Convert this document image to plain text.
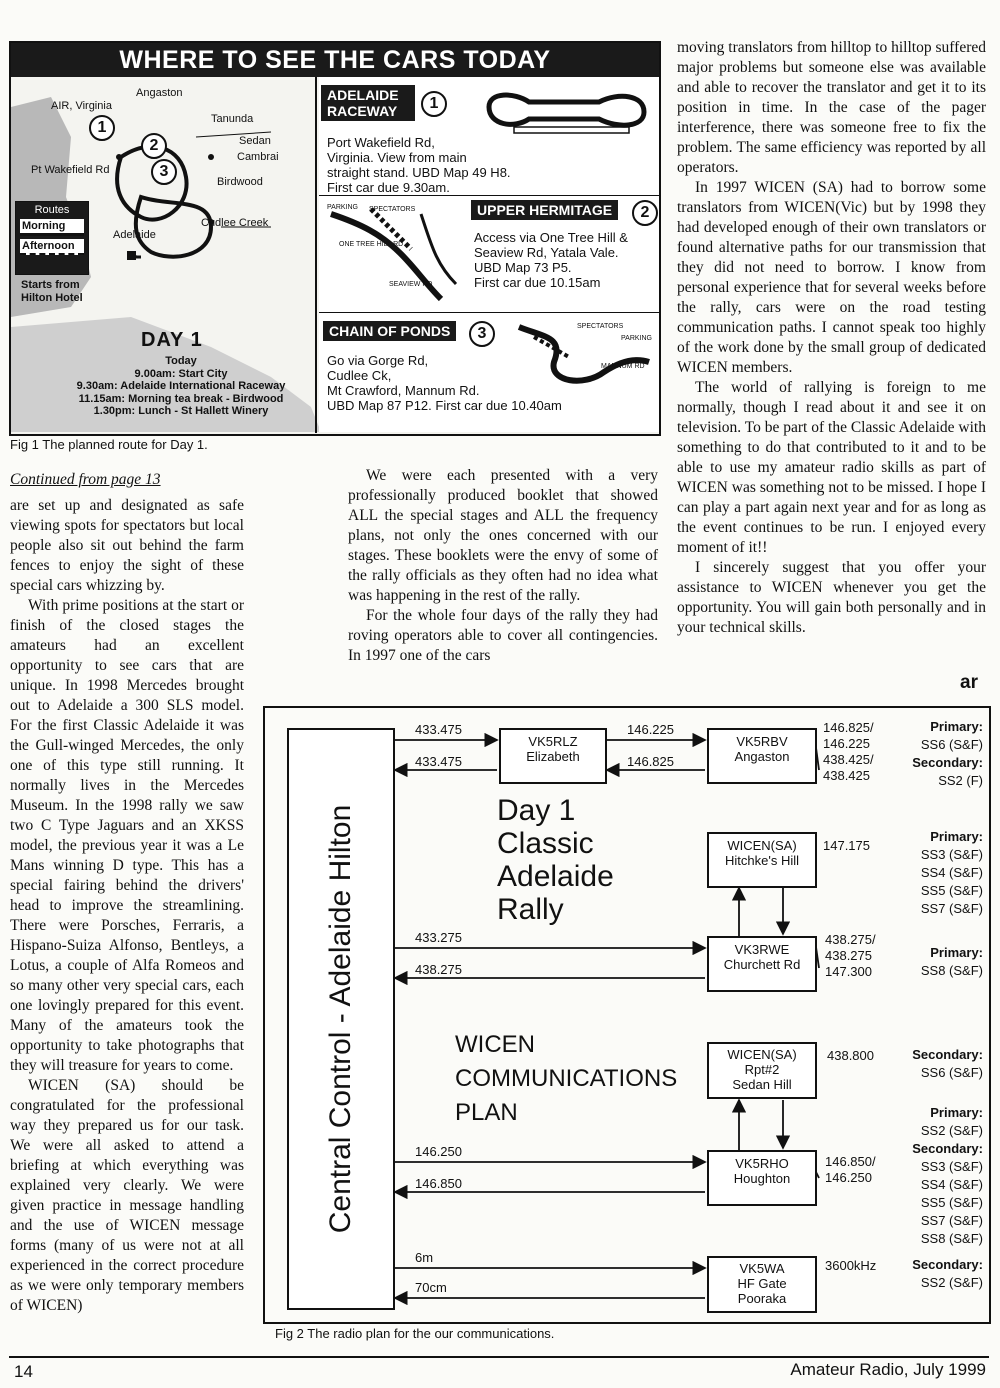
WHERE TO SEE THE CARS TODAY
Angaston
AIR, Virginia
Tanunda
Sedan
Cambrai
Pt Wakefield Rd
Birdwood
Adelaide
Cudlee Creek
1
2
3
Routes
Morning
Afternoon
Starts from Hilton Hotel
DAY 1
Today
9.00am: Start City
9.30am: Adelaide International Raceway
11.15am: Morning tea break - Birdwood
1.30pm: Lunch - St Hallett Winery
ADELAIDE
RACEWAY	1
Port Wakefield Rd,
Virginia. View from main
straight stand. UBD Map 49 H8.
First car due 9.30am.
PARKING SPECTATORS
ONE TREE HILL RD
SEAVIEW RD
UPPER HERMITAGE	2
Access via One Tree Hill &
Seaview Rd, Yatala Vale.
UBD Map 73 P5.
First car due 10.15am
CHAIN OF PONDS	3	SPECTATORS
PARKING
MANNUM RD
Go via Gorge Rd,
Cudlee Ck,
Mt Crawford, Mannum Rd.
UBD Map 87 P12. First car due 10.40am
Fig 1 The planned route for Day 1.
Continued from page 13

are set up and designated as safe viewing spots for spectators but local people also sit out behind the farm fences to enjoy the sight of these special cars whizzing by.

With prime positions at the start or finish of the closed stages the amateurs had an excellent opportunity to see cars that are unique. In 1998 Mercedes brought out to Adelaide a 300 SLS model. For the first Classic Adelaide it was the Gull-winged Mercedes, the only one of this type still running. It normally lives in the Mercedes Museum. In the 1998 rally we saw two C Type Jaguars and an XKSS model, the previous year it was a Le Mans winning D type. This has a special fairing behind the drivers' head to improve the streamlining. There were Porsches, Ferraris, a Hispano-Suiza Alfonso, Bentleys, a Lotus, a couple of Alfa Romeos and so many other very special cars, each one lovingly prepared for this event. Many of the amateurs took the opportunity to take photographs that they will treasure for years to come.

WICEN (SA) should be congratulated for the professional way they prepared us for our task. We were all asked to attend a briefing at which everything was explained very clearly. We were given practice in message handling and the use of WICEN message forms (many of us were not at all experienced in the correct procedure as we were only temporary members of WICEN)

We were each presented with a very professionally produced booklet that showed ALL the special stages and ALL the frequency plans, not only the ones concerned with our stages. These booklets were the envy of some of the rally officials as they often had no idea what was happening in the rest of the rally.

For the whole four days of the rally they had roving operators able to cover all contingencies. In 1997 one of the cars

moving translators from hilltop to hilltop suffered major problems but someone else was available and able to recover the translator and get it to its position in time. In the case of the pager interference, there was someone free to fix the problem. The same efficiency was reported by all operators.

In 1997 WICEN (SA) had to borrow some translators from WICEN(Vic) but by 1998 they had developed enough of their own translators or found alternative paths for our transmission that they did not need to borrow. I know from personal experience that for several weeks before the rally, cars were on the road testing communication paths. I cannot speak too highly of the work done by the small group of dedicated WICEN members.

The world of rallying is foreign to me normally, though I read about it and see it on television. To be part of the Classic Adelaide with something to do that contributed to it and to be able to use my amateur radio skills as part of WICEN was something not to be missed. I hope I can play a part again next year and for as long as the event continues to be run. I enjoyed every moment of it!!

I sincerely suggest that you offer your assistance to WICEN whenever you get the opportunity. You will gain both personally and in your technical skills.

ar
Central Control - Adelaide Hilton
433.475
433.475
146.225
146.825
433.275
438.275
146.250
146.850
6m
70cm
Day 1
Classic
Adelaide
Rally
WICEN
COMMUNICATIONS
PLAN
VK5RLZ
Elizabeth
VK5RBV
Angaston
WICEN(SA)
Hitchke's Hill
VK3RWE
Churchett Rd
WICEN(SA)
Rpt#2
Sedan Hill
VK5RHO
Houghton
VK5WA
HF Gate
Pooraka
146.825/
146.225
438.425/
438.425
147.175
438.275/
438.275
147.300
438.800
146.850/
146.250
3600kHz
Primary:
SS6 (S&F)
Secondary:
SS2 (F)
Primary:
SS3 (S&F)
SS4 (S&F)
SS5 (S&F)
SS7 (S&F)
Primary:
SS8 (S&F)
Secondary:
SS6 (S&F)
Primary:
SS2 (S&F)
Secondary:
SS3 (S&F)
SS4 (S&F)
SS5 (S&F)
SS7 (S&F)
SS8 (S&F)
Secondary:
SS2 (S&F)
Fig 2 The radio plan for the our communications.
14	Amateur Radio, July 1999
